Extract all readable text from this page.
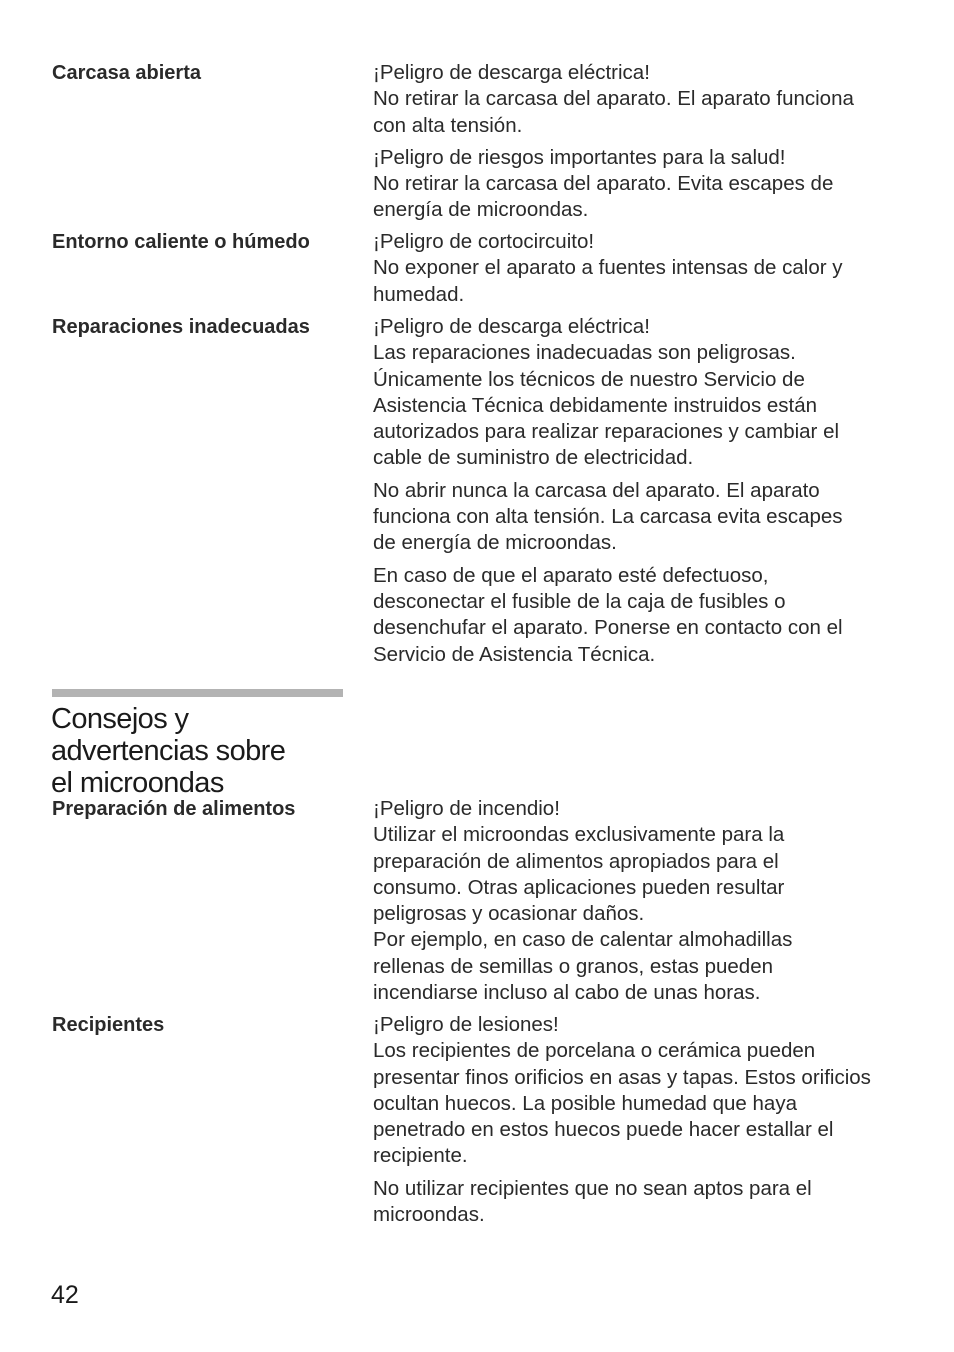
Carcasa abierta	¡Peligro de descarga eléctrica!
No retirar la carcasa del aparato. El aparato funciona
con alta tensión.

¡Peligro de riesgos importantes para la salud!
No retirar la carcasa del aparato. Evita escapes de
energía de microondas.

Entorno caliente o húmedo	¡Peligro de cortocircuito!
No exponer el aparato a fuentes intensas de calor y
humedad.

Reparaciones inadecuadas	¡Peligro de descarga eléctrica!
Las reparaciones inadecuadas son peligrosas.
Únicamente los técnicos de nuestro Servicio de
Asistencia Técnica debidamente instruidos están
autorizados para realizar reparaciones y cambiar el
cable de suministro de electricidad.

No abrir nunca la carcasa del aparato. El aparato
funciona con alta tensión. La carcasa evita escapes
de energía de microondas.

En caso de que el aparato esté defectuoso,
desconectar el fusible de la caja de fusibles o
desenchufar el aparato. Ponerse en contacto con el
Servicio de Asistencia Técnica.

Consejos y
advertencias sobre
el microondas
Preparación de alimentos	¡Peligro de incendio!
Utilizar el microondas exclusivamente para la
preparación de alimentos apropiados para el
consumo. Otras aplicaciones pueden resultar
peligrosas y ocasionar daños.
Por ejemplo, en caso de calentar almohadillas
rellenas de semillas o granos, estas pueden
incendiarse incluso al cabo de unas horas.

Recipientes	¡Peligro de lesiones!
Los recipientes de porcelana o cerámica pueden
presentar finos orificios en asas y tapas. Estos orificios
ocultan huecos. La posible humedad que haya
penetrado en estos huecos puede hacer estallar el
recipiente.

No utilizar recipientes que no sean aptos para el
microondas.

42
